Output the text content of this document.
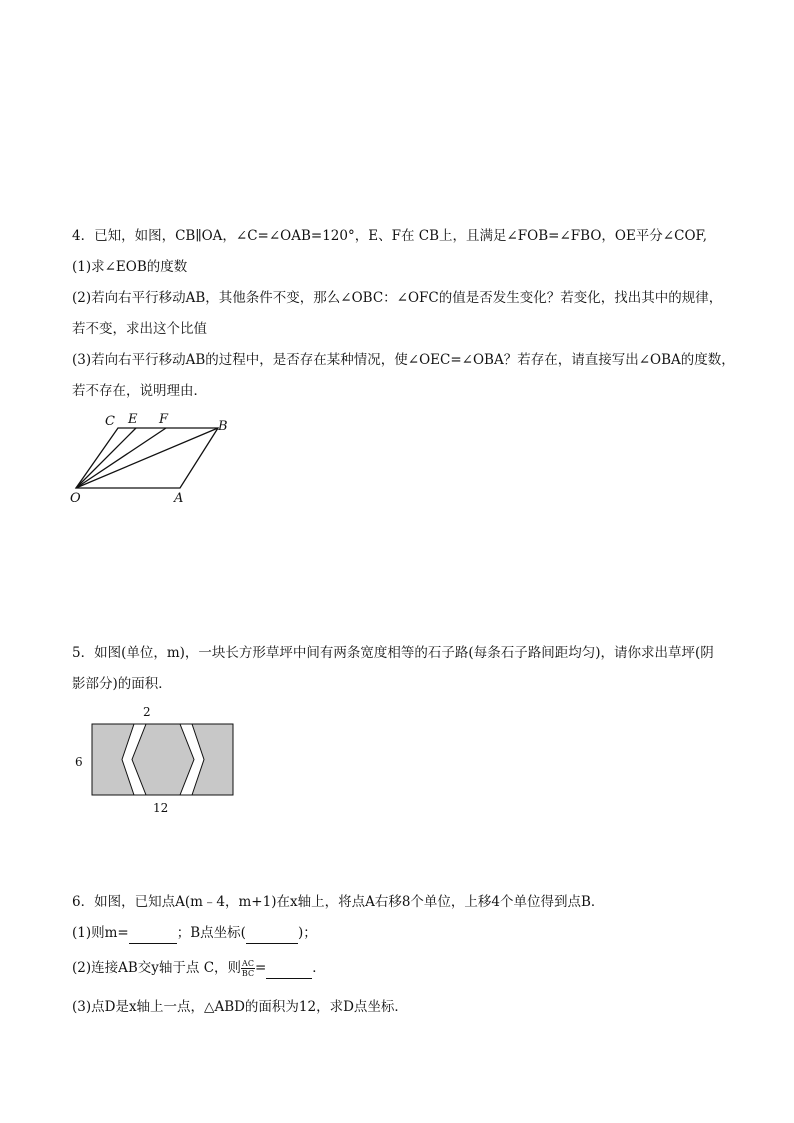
4．已知，如图，CB∥OA，∠C=∠OAB=120°，E、F在 CB上，且满足∠FOB=∠FBO，OE平分∠COF,
(1)求∠EOB的度数
(2)若向右平行移动AB，其他条件不变，那么∠OBC：∠OFC的值是否发生变化？若变化，找出其中的规律，
若不变，求出这个比值
(3)若向右平行移动AB的过程中，是否存在某种情况，使∠OEC=∠OBA？若存在，请直接写出∠OBA的度数，
若不存在，说明理由．
C E F	B
O	A
5．如图(单位，m)，一块长方形草坪中间有两条宽度相等的石子路(每条石子路间距均匀)，请你求出草坪(阴
影部分)的面积．
2
6
12
6．如图，已知点A(m﹣4，m+1)在x轴上，将点A右移8个单位，上移4个单位得到点B．
(1)则m=	；B点坐标(	)；
(2)连接AB交y轴于点 C，则 $\frac{AC}{BC}$ =	．
(3)点D是x轴上一点，△ABD的面积为12，求D点坐标．
